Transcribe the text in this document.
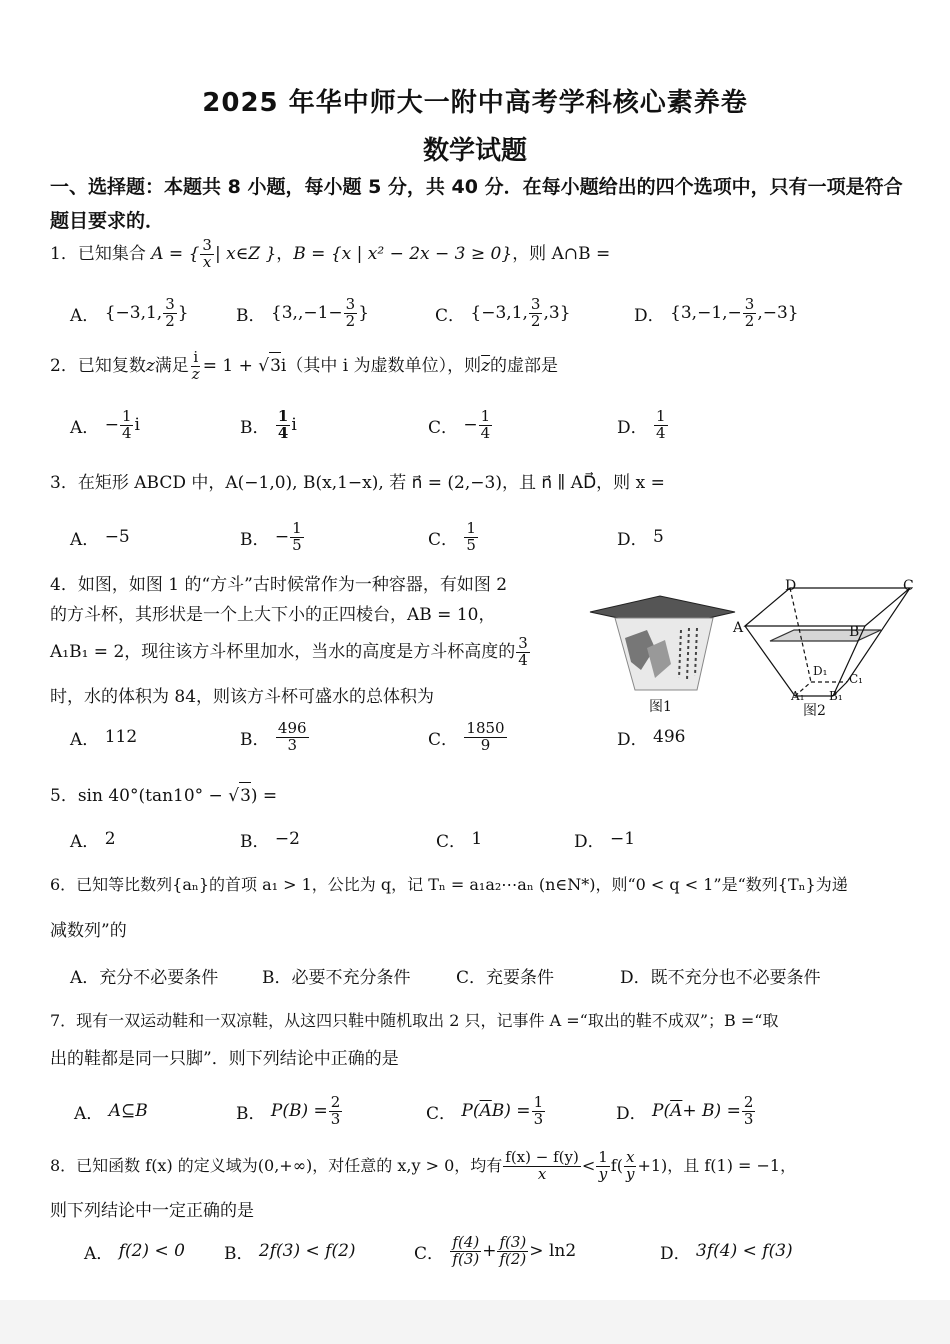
2025 年华中师大一附中高考学科核心素养卷
数学试题
一、选择题：本题共 8 小题，每小题 5 分，共 40 分．在每小题给出的四个选项中，只有一项是符合题目要求的．
1．已知集合 A = { $\frac{3}{x}$ | x∈Z }，B = {x | x² − 2x − 3 ≥ 0}，则 A∩B =
A．
{−3,1, 3
2 }	B．
{$3,,-1- \frac{3}{2}$ }	C．
{−3,1, 3
2 ,3}	D．
$\{3,-1,- \frac{3}{2} ,-3\}$
2．已知复数z满足 $\frac{i}{z} = 1 + √3i$（其中 i 为虚数单位），则$\overline{z}$的虚部是
A．
− $\frac{1}{4}$ i	B．

1
4 i	C．
− $\frac{1}{4}$	D．

1
4
3．在矩形 ABCD 中，A(−1,0), B(x,1−x), 若 n⃗ = (2,−3)，且 n⃗ ∥ AD⃗，则 x =
A．
−5	B．
− $\frac{1}{5}$	C．

1
5	D．
5
4．如图，如图 1 的“方斗”古时候常作为一种容器，有如图 2
的方斗杯，其形状是一个上大下小的正四棱台，AB = 10，
A₁B₁ = 2，现往该方斗杯里加水，当水的高度是方斗杯高度的 $\frac{3}{4}$
时，水的体积为 84，则该方斗杯可盛水的总体积为
A．
112	B．

496
3	C．

1850
9	D．
496
D	C
A	B
D₁
C₁
A₁ B₁
图1	图2
5．sin 40°(tan10° − √3) =
A．
2	B．
−2	C．
1	D．
−1
6．已知等比数列{aₙ}的首项 a₁ > 1，公比为 q，记 Tₙ = a₁a₂⋯aₙ (n∈N*)，则“0 < q < 1”是“数列{Tₙ}为递
减数列”的
A．充分不必要条件	B．必要不充分条件	C．充要条件	D．既不充分也不必要条件
7．现有一双运动鞋和一双凉鞋，从这四只鞋中随机取出 2 只，记事件 A =“取出的鞋不成双”；B =“取
出的鞋都是同一只脚”．则下列结论中正确的是
A．
A⊆B	B．
$P(B) = \frac{2}{3}$	C．
P( $\overline{A}$ $B) = \frac{1}{3}$	D．
P( $\overline{A} + B) = \frac{2}{3}$
8．已知函数 f(x) 的定义域为(0,+∞)，对任意的 x,y > 0，均有 $\frac{f(x) - f(y)}{x} < \frac{1}{y} f( \frac{x}{y} +1)$，且 f(1) = −1，
则下列结论中一定正确的是
A．
f(2) < 0 B．
2f(3) < f(2)	C．

f(4)
$f(3) + \frac{f(3)}{f(2)} > \ln 2$	D．
3f(4) < f(3)
